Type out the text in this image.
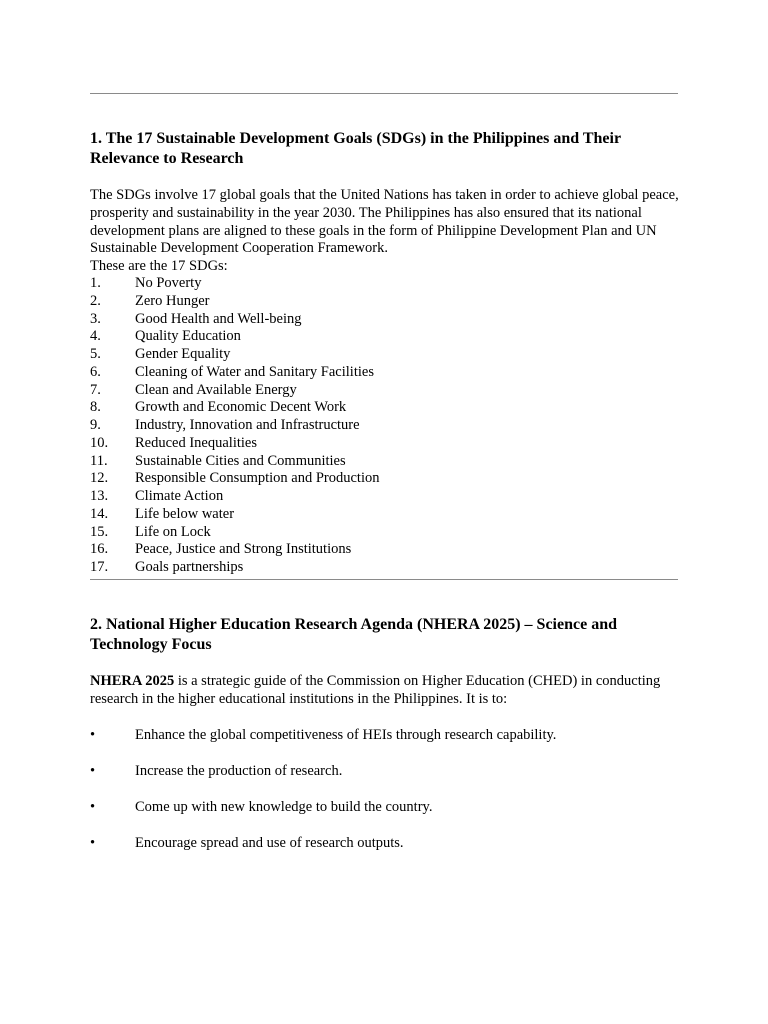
1. The 17 Sustainable Development Goals (SDGs) in the Philippines and Their Relevance to Research

The SDGs involve 17 global goals that the United Nations has taken in order to achieve global peace, prosperity and sustainability in the year 2030. The Philippines has also ensured that its national development plans are aligned to these goals in the form of Philippine Development Plan and UN Sustainable Development Cooperation Framework.

These are the 17 SDGs:

1.	No Poverty
2.	Zero Hunger
3.	Good Health and Well-being
4.	Quality Education
5.	Gender Equality
6.	Cleaning of Water and Sanitary Facilities
7.	Clean and Available Energy
8.	Growth and Economic Decent Work
9.	Industry, Innovation and Infrastructure
10.	Reduced Inequalities
11.	Sustainable Cities and Communities
12.	Responsible Consumption and Production
13.	Climate Action
14.	Life below water
15.	Life on Lock
16.	Peace, Justice and Strong Institutions
17.	Goals partnerships
2. National Higher Education Research Agenda (NHERA 2025) – Science and Technology Focus

NHERA 2025 is a strategic guide of the Commission on Higher Education (CHED) in conducting research in the higher educational institutions in the Philippines. It is to:

•	Enhance the global competitiveness of HEIs through research capability.
•	Increase the production of research.
•	Come up with new knowledge to build the country.
•	Encourage spread and use of research outputs.
